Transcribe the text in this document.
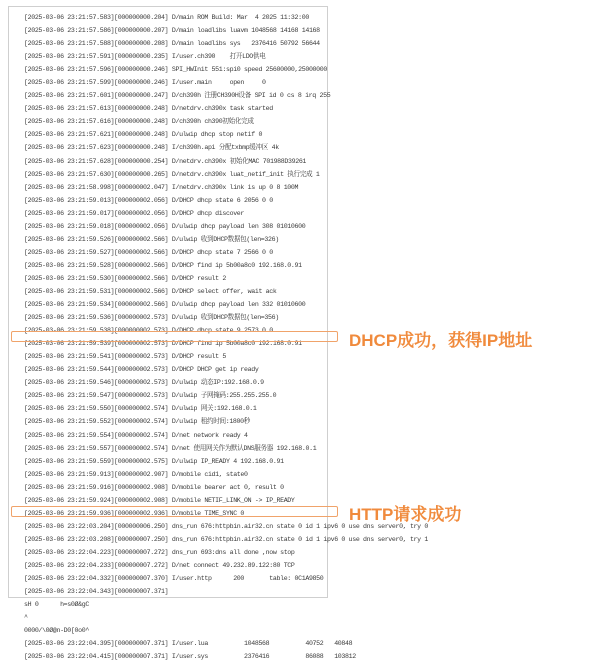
[2025-03-06 23:21:57.583][000000000.204] D/main ROM Build: Mar  4 2025 11:32:00
[2025-03-06 23:21:57.586][000000000.207] D/main loadlibs luavm 1048568 14168 14168
[2025-03-06 23:21:57.588][000000000.208] D/main loadlibs sys   2376416 50792 56644
[2025-03-06 23:21:57.591][000000000.235] I/user.ch390    打开LDO供电
[2025-03-06 23:21:57.596][000000000.246] SPI_HWInit 551:spi0 speed 25600000,25000000
[2025-03-06 23:21:57.599][000000000.246] I/user.main     open     0
[2025-03-06 23:21:57.601][000000000.247] D/ch390h 注册CH390H设备 SPI id 0 cs 8 irq 255
[2025-03-06 23:21:57.613][000000000.248] D/netdrv.ch390x task started
[2025-03-06 23:21:57.616][000000000.248] D/ch390h ch390初始化完成
[2025-03-06 23:21:57.621][000000000.248] D/ulwip dhcp stop netif 0
[2025-03-06 23:21:57.623][000000000.248] I/ch390h.api 分配txbmp缓冲区 4k
[2025-03-06 23:21:57.628][000000000.254] D/netdrv.ch390x 初始化MAC 701988D39261
[2025-03-06 23:21:57.630][000000000.265] D/netdrv.ch390x luat_netif_init 执行完成 1
[2025-03-06 23:21:58.998][000000002.047] I/netdrv.ch390x link is up 0 8 100M
[2025-03-06 23:21:59.013][000000002.056] D/DHCP dhcp state 6 2056 0 0
[2025-03-06 23:21:59.017][000000002.056] D/DHCP dhcp discover
[2025-03-06 23:21:59.018][000000002.056] D/ulwip dhcp payload len 308 01010600
[2025-03-06 23:21:59.526][000000002.566] D/ulwip 收到DHCP数据包(len=326)
[2025-03-06 23:21:59.527][000000002.566] D/DHCP dhcp state 7 2566 0 0
[2025-03-06 23:21:59.528][000000002.566] D/DHCP find ip 5b00a8c0 192.168.0.91
[2025-03-06 23:21:59.530][000000002.566] D/DHCP result 2
[2025-03-06 23:21:59.531][000000002.566] D/DHCP select offer, wait ack
[2025-03-06 23:21:59.534][000000002.566] D/ulwip dhcp payload len 332 01010600
[2025-03-06 23:21:59.536][000000002.573] D/ulwip 收到DHCP数据包(len=356)
[2025-03-06 23:21:59.538][000000002.573] D/DHCP dhcp state 9 2573 0 0
[2025-03-06 23:21:59.539][000000002.573] D/DHCP find ip 5b00a8c0 192.168.0.91
[2025-03-06 23:21:59.541][000000002.573] D/DHCP result 5
[2025-03-06 23:21:59.544][000000002.573] D/DHCP DHCP get ip ready
[2025-03-06 23:21:59.546][000000002.573] D/ulwip 动态IP:192.168.0.9
[2025-03-06 23:21:59.547][000000002.573] D/ulwip 子网掩码:255.255.255.0
[2025-03-06 23:21:59.550][000000002.574] D/ulwip 网关:192.168.0.1
[2025-03-06 23:21:59.552][000000002.574] D/ulwip 租约时间:1800秒
[2025-03-06 23:21:59.554][000000002.574] D/net network ready 4
[2025-03-06 23:21:59.557][000000002.574] D/net 使用网关作为默认DNS服务器 192.168.0.1
[2025-03-06 23:21:59.559][000000002.575] D/ulwip IP_READY 4 192.168.0.91
[2025-03-06 23:21:59.913][000000002.907] D/mobile cid1, state0
[2025-03-06 23:21:59.916][000000002.908] D/mobile bearer act 0, result 0
[2025-03-06 23:21:59.924][000000002.908] D/mobile NETIF_LINK_ON -> IP_READY
[2025-03-06 23:21:59.936][000000002.936] D/mobile TIME_SYNC 0
[2025-03-06 23:22:03.204][000000006.250] dns_run 676:httpbin.air32.cn state 0 id 1 ipv6 0 use dns server0, try 0
[2025-03-06 23:22:03.208][000000007.250] dns_run 676:httpbin.air32.cn state 0 id 1 ipv6 0 use dns server0, try 1
[2025-03-06 23:22:04.223][000000007.272] dns_run 693:dns all done ,now stop
[2025-03-06 23:22:04.233][000000007.272] D/net connect 49.232.89.122:80 TCP
[2025-03-06 23:22:04.332][000000007.370] I/user.http      200       table: 0C1A9850
[2025-03-06 23:22:04.343][000000007.371]
sH 0      h=s0Ø&gC
^
0000/\0Ø@n-D0[0o0^
[2025-03-06 23:22:04.395][000000007.371] I/user.lua          1048568          40752   40848
[2025-03-06 23:22:04.415][000000007.371] I/user.sys          2376416          86088   103812
DHCP成功，获得IP地址
HTTP请求成功
